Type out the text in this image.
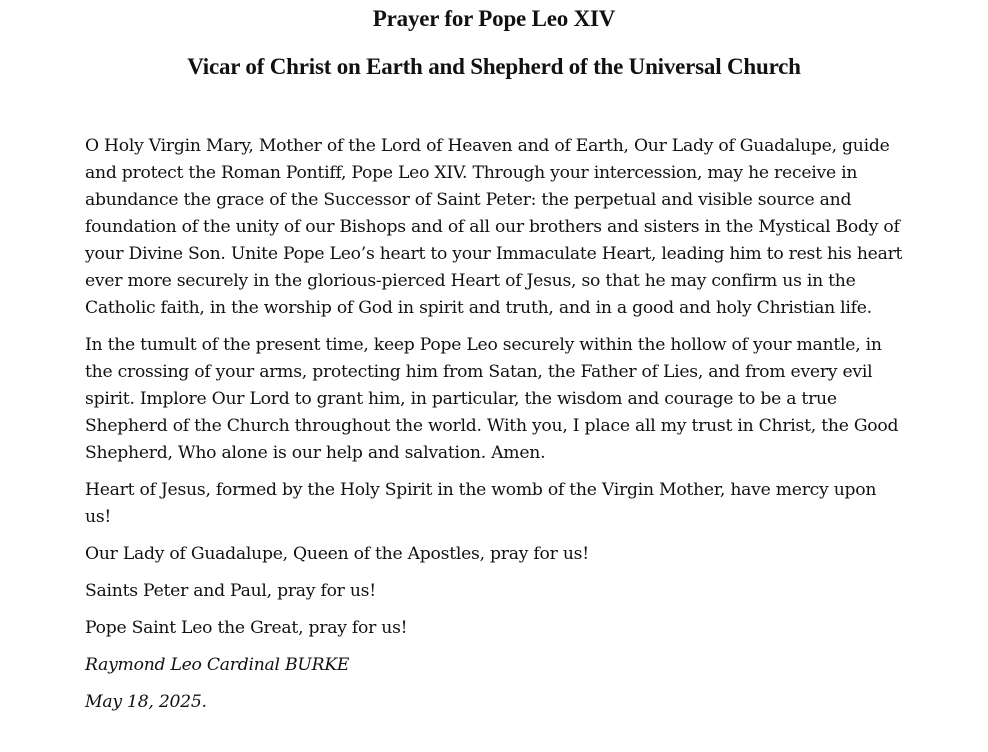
Prayer for Pope Leo XIV
Vicar of Christ on Earth and Shepherd of the Universal Church

O Holy Virgin Mary, Mother of the Lord of Heaven and of Earth, Our Lady of Guadalupe, guide and protect the Roman Pontiff, Pope Leo XIV. Through your intercession, may he receive in abundance the grace of the Successor of Saint Peter: the perpetual and visible source and foundation of the unity of our Bishops and of all our brothers and sisters in the Mystical Body of your Divine Son. Unite Pope Leo’s heart to your Immaculate Heart, leading him to rest his heart ever more securely in the glorious-pierced Heart of Jesus, so that he may confirm us in the Catholic faith, in the worship of God in spirit and truth, and in a good and holy Christian life.

In the tumult of the present time, keep Pope Leo securely within the hollow of your mantle, in the crossing of your arms, protecting him from Satan, the Father of Lies, and from every evil spirit. Implore Our Lord to grant him, in particular, the wisdom and courage to be a true Shepherd of the Church throughout the world. With you, I place all my trust in Christ, the Good Shepherd, Who alone is our help and salvation. Amen.

Heart of Jesus, formed by the Holy Spirit in the womb of the Virgin Mother, have mercy upon us!

Our Lady of Guadalupe, Queen of the Apostles, pray for us!

Saints Peter and Paul, pray for us!

Pope Saint Leo the Great, pray for us!

Raymond Leo Cardinal BURKE

May 18, 2025.
